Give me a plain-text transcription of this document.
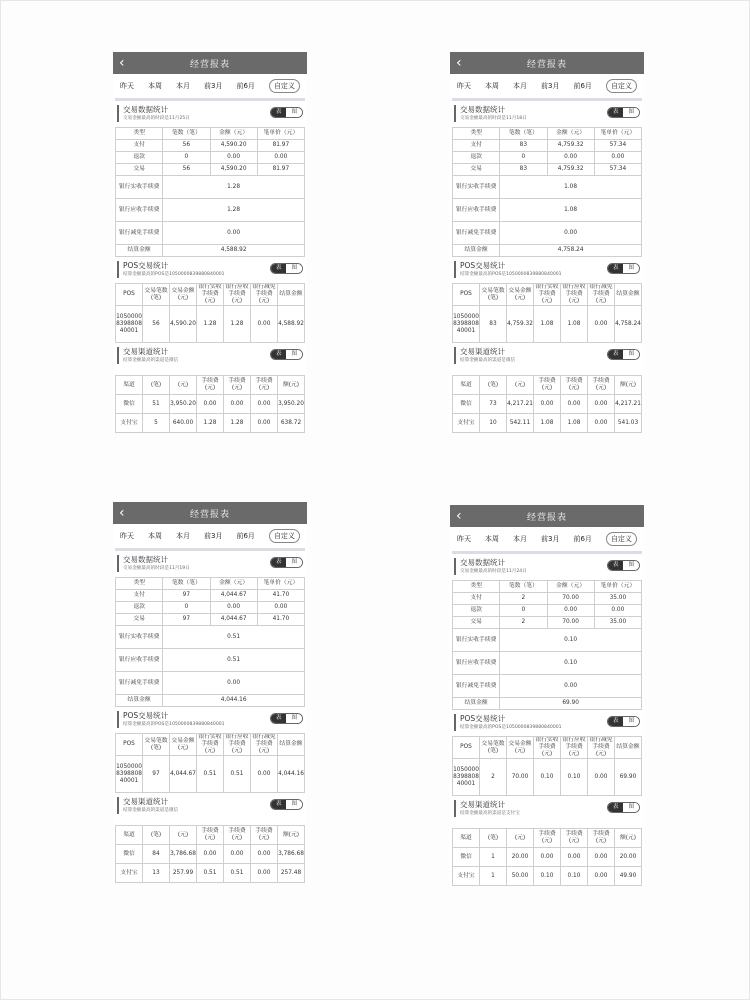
‹	经营报表
昨天 本周 本月 前3月 前6月	自定义
交易数据统计
交易金额最高的时段是11月25日
表	图
类型	笔数（笔）	金额（元）	笔单价（元）
支付	56	4,590.20	81.97
退款	0	0.00	0.00
交易	56	4,590.20	81.97
银行实收手续费	1.28		
银行应收手续费	1.28		
银行减免手续费	0.00		
结算金额	4,588.92		
POS交易统计
结算金额最高的POS是1050000839880840001
表	图
POS	交易笔数(笔)	交易金额(元)	银行实收手续费(元)	银行应收手续费(元)	银行减免手续费(元)	结算金额
1050000839880840001	56	4,590.20	1.28	1.28	0.00	4,588.92
交易渠道统计
结算金额最高的渠道是微信
表	图
渠道	(笔)	(元)	手续费(元)	手续费(元)	手续费(元)	额(元)
微信	51	3,950.20	0.00	0.00	0.00	3,950.20
支付宝	5	640.00	1.28	1.28	0.00	638.72
‹	经营报表
昨天 本周 本月 前3月 前6月	自定义
交易数据统计
交易金额最高的时段是11月18日
表	图
类型	笔数（笔）	金额（元）	笔单价（元）
支付	83	4,759.32	57.34
退款	0	0.00	0.00
交易	83	4,759.32	57.34
银行实收手续费	1.08		
银行应收手续费	1.08		
银行减免手续费	0.00		
结算金额	4,758.24		
POS交易统计
结算金额最高的POS是1050000839880840001
表	图
POS	交易笔数(笔)	交易金额(元)	银行实收手续费(元)	银行应收手续费(元)	银行减免手续费(元)	结算金额
1050000839880840001	83	4,759.32	1.08	1.08	0.00	4,758.24
交易渠道统计
结算金额最高的渠道是微信
表	图
渠道	(笔)	(元)	手续费(元)	手续费(元)	手续费(元)	额(元)
微信	73	4,217.21	0.00	0.00	0.00	4,217.21
支付宝	10	542.11	1.08	1.08	0.00	541.03
‹	经营报表
昨天 本周 本月 前3月 前6月	自定义
交易数据统计
交易金额最高的时段是11月19日
表	图
类型	笔数（笔）	金额（元）	笔单价（元）
支付	97	4,044.67	41.70
退款	0	0.00	0.00
交易	97	4,044.67	41.70
银行实收手续费	0.51		
银行应收手续费	0.51		
银行减免手续费	0.00		
结算金额	4,044.16		
POS交易统计
结算金额最高的POS是1050000839880840001
表	图
POS	交易笔数(笔)	交易金额(元)	银行实收手续费(元)	银行应收手续费(元)	银行减免手续费(元)	结算金额
1050000839880840001	97	4,044.67	0.51	0.51	0.00	4,044.16
交易渠道统计
结算金额最高的渠道是微信
表	图
渠道	(笔)	(元)	手续费(元)	手续费(元)	手续费(元)	额(元)
微信	84	3,786.68	0.00	0.00	0.00	3,786.68
支付宝	13	257.99	0.51	0.51	0.00	257.48
‹	经营报表
昨天 本周 本月 前3月 前6月	自定义
交易数据统计
交易金额最高的时段是11月24日
表	图
类型	笔数（笔）	金额（元）	笔单价（元）
支付	2	70.00	35.00
退款	0	0.00	0.00
交易	2	70.00	35.00
银行实收手续费	0.10		
银行应收手续费	0.10		
银行减免手续费	0.00		
结算金额	69.90		
POS交易统计
结算金额最高的POS是1050000839880840001
表	图
POS	交易笔数(笔)	交易金额(元)	银行实收手续费(元)	银行应收手续费(元)	银行减免手续费(元)	结算金额
1050000839880840001	2	70.00	0.10	0.10	0.00	69.90
交易渠道统计
结算金额最高的渠道是支付宝
表	图
渠道	(笔)	(元)	手续费(元)	手续费(元)	手续费(元)	额(元)
微信	1	20.00	0.00	0.00	0.00	20.00
支付宝	1	50.00	0.10	0.10	0.00	49.90
